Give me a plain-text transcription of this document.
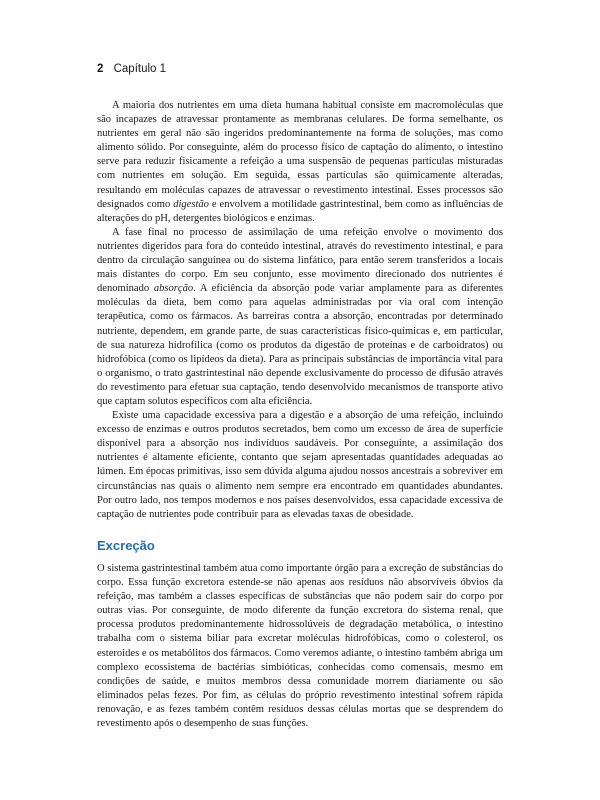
2 Capítulo 1

A maioria dos nutrientes em uma dieta humana habitual consiste em macromoléculas que são incapazes de atravessar prontamente as membranas celulares. De forma semelhante, os nutrientes em geral não são ingeridos predominantemente na forma de soluções, mas como alimento sólido. Por conseguinte, além do processo físico de captação do alimento, o intestino serve para reduzir fisicamente a refeição a uma suspensão de pequenas partículas misturadas com nutrientes em solução. Em seguida, essas partículas são quimicamente alteradas, resultando em moléculas capazes de atravessar o revestimento intestinal. Esses processos são designados como digestão e envolvem a motilidade gastrintestinal, bem como as influências de alterações do pH, detergentes biológicos e enzimas.

A fase final no processo de assimilação de uma refeição envolve o movimento dos nutrientes digeridos para fora do conteúdo intestinal, através do revestimento intestinal, e para dentro da circulação sanguínea ou do sistema linfático, para então serem transferidos a locais mais distantes do corpo. Em seu conjunto, esse movimento direcionado dos nutrientes é denominado absorção. A eficiência da absorção pode variar amplamente para as diferentes moléculas da dieta, bem como para aquelas administradas por via oral com intenção terapêutica, como os fármacos. As barreiras contra a absorção, encontradas por determinado nutriente, dependem, em grande parte, de suas características físico-químicas e, em particular, de sua natureza hidrofílica (como os produtos da digestão de proteínas e de carboidratos) ou hidrofóbica (como os lipídeos da dieta). Para as principais substâncias de importância vital para o organismo, o trato gastrintestinal não depende exclusivamente do processo de difusão através do revestimento para efetuar sua captação, tendo desenvolvido mecanismos de transporte ativo que captam solutos específicos com alta eficiência.

Existe uma capacidade excessiva para a digestão e a absorção de uma refeição, incluindo excesso de enzimas e outros produtos secretados, bem como um excesso de área de superfície disponível para a absorção nos indivíduos saudáveis. Por conseguinte, a assimilação dos nutrientes é altamente eficiente, contanto que sejam apresentadas quantidades adequadas ao lúmen. Em épocas primitivas, isso sem dúvida alguma ajudou nossos ancestrais a sobreviver em circunstâncias nas quais o alimento nem sempre era encontrado em quantidades abundantes. Por outro lado, nos tempos modernos e nos países desenvolvidos, essa capacidade excessiva de captação de nutrientes pode contribuir para as elevadas taxas de obesidade.

Excreção

O sistema gastrintestinal também atua como importante órgão para a excreção de substâncias do corpo. Essa função excretora estende-se não apenas aos resíduos não absorvíveis óbvios da refeição, mas também a classes específicas de substâncias que não podem sair do corpo por outras vias. Por conseguinte, de modo diferente da função excretora do sistema renal, que processa produtos predominantemente hidrossolúveis de degradação metabólica, o intestino trabalha com o sistema biliar para excretar moléculas hidrofóbicas, como o colesterol, os esteroides e os metabólitos dos fármacos. Como veremos adiante, o intestino também abriga um complexo ecossistema de bactérias simbióticas, conhecidas como comensais, mesmo em condições de saúde, e muitos membros dessa comunidade morrem diariamente ou são eliminados pelas fezes. Por fim, as células do próprio revestimento intestinal sofrem rápida renovação, e as fezes também contêm resíduos dessas células mortas que se desprendem do revestimento após o desempenho de suas funções.
